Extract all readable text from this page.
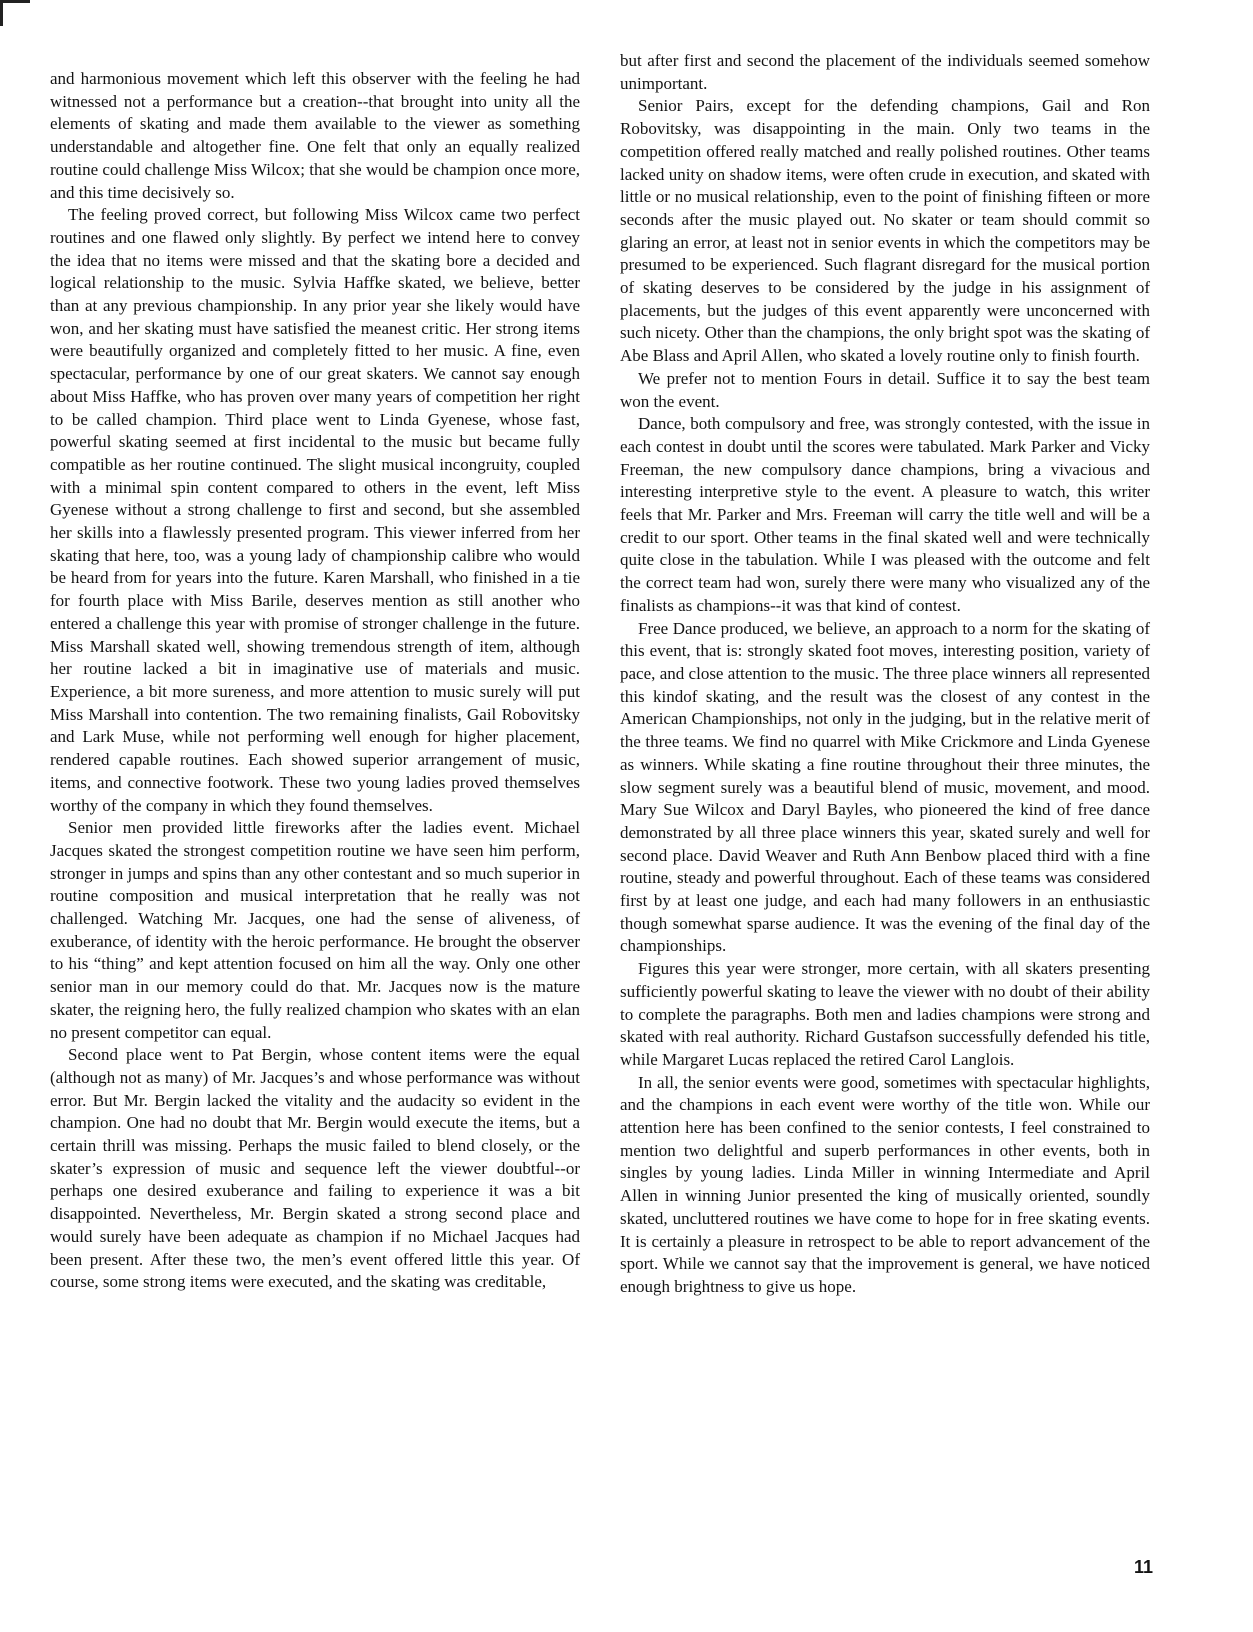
and harmonious movement which left this observer with the feeling he had witnessed not a performance but a creation--that brought into unity all the elements of skating and made them available to the viewer as something understandable and altogether fine. One felt that only an equally realized routine could challenge Miss Wilcox; that she would be champion once more, and this time decisively so.

The feeling proved correct, but following Miss Wilcox came two perfect routines and one flawed only slightly. By perfect we intend here to convey the idea that no items were missed and that the skating bore a decided and logical relationship to the music. Sylvia Haffke skated, we believe, better than at any previous championship. In any prior year she likely would have won, and her skating must have satisfied the meanest critic. Her strong items were beautifully organized and completely fitted to her music. A fine, even spectacular, performance by one of our great skaters. We cannot say enough about Miss Haffke, who has proven over many years of competition her right to be called champion. Third place went to Linda Gyenese, whose fast, powerful skating seemed at first incidental to the music but became fully compatible as her routine continued. The slight musical incongruity, coupled with a minimal spin content compared to others in the event, left Miss Gyenese without a strong challenge to first and second, but she assembled her skills into a flawlessly presented program. This viewer inferred from her skating that here, too, was a young lady of championship calibre who would be heard from for years into the future. Karen Marshall, who finished in a tie for fourth place with Miss Barile, deserves mention as still another who entered a challenge this year with promise of stronger challenge in the future. Miss Marshall skated well, showing tremendous strength of item, although her routine lacked a bit in imaginative use of materials and music. Experience, a bit more sureness, and more attention to music surely will put Miss Marshall into contention. The two remaining finalists, Gail Robovitsky and Lark Muse, while not performing well enough for higher placement, rendered capable routines. Each showed superior arrangement of music, items, and connective footwork. These two young ladies proved themselves worthy of the company in which they found themselves.

Senior men provided little fireworks after the ladies event. Michael Jacques skated the strongest competition routine we have seen him perform, stronger in jumps and spins than any other contestant and so much superior in routine composition and musical interpretation that he really was not challenged. Watching Mr. Jacques, one had the sense of aliveness, of exuberance, of identity with the heroic performance. He brought the observer to his “thing” and kept attention focused on him all the way. Only one other senior man in our memory could do that. Mr. Jacques now is the mature skater, the reigning hero, the fully realized champion who skates with an elan no present competitor can equal.

Second place went to Pat Bergin, whose content items were the equal (although not as many) of Mr. Jacques’s and whose performance was without error. But Mr. Bergin lacked the vitality and the audacity so evident in the champion. One had no doubt that Mr. Bergin would execute the items, but a certain thrill was missing. Perhaps the music failed to blend closely, or the skater’s expression of music and sequence left the viewer doubtful--or perhaps one desired exuberance and failing to experience it was a bit disappointed. Nevertheless, Mr. Bergin skated a strong second place and would surely have been adequate as champion if no Michael Jacques had been present. After these two, the men’s event offered little this year. Of course, some strong items were executed, and the skating was creditable,

but after first and second the placement of the individuals seemed somehow unimportant.

Senior Pairs, except for the defending champions, Gail and Ron Robovitsky, was disappointing in the main. Only two teams in the competition offered really matched and really polished routines. Other teams lacked unity on shadow items, were often crude in execution, and skated with little or no musical relationship, even to the point of finishing fifteen or more seconds after the music played out. No skater or team should commit so glaring an error, at least not in senior events in which the competitors may be presumed to be experienced. Such flagrant disregard for the musical portion of skating deserves to be considered by the judge in his assignment of placements, but the judges of this event apparently were unconcerned with such nicety. Other than the champions, the only bright spot was the skating of Abe Blass and April Allen, who skated a lovely routine only to finish fourth.

We prefer not to mention Fours in detail. Suffice it to say the best team won the event.

Dance, both compulsory and free, was strongly contested, with the issue in each contest in doubt until the scores were tabulated. Mark Parker and Vicky Freeman, the new compulsory dance champions, bring a vivacious and interesting interpretive style to the event. A pleasure to watch, this writer feels that Mr. Parker and Mrs. Freeman will carry the title well and will be a credit to our sport. Other teams in the final skated well and were technically quite close in the tabulation. While I was pleased with the outcome and felt the correct team had won, surely there were many who visualized any of the finalists as champions--it was that kind of contest.

Free Dance produced, we believe, an approach to a norm for the skating of this event, that is: strongly skated foot moves, interesting position, variety of pace, and close attention to the music. The three place winners all represented this kindof skating, and the result was the closest of any contest in the American Championships, not only in the judging, but in the relative merit of the three teams. We find no quarrel with Mike Crickmore and Linda Gyenese as winners. While skating a fine routine throughout their three minutes, the slow segment surely was a beautiful blend of music, movement, and mood. Mary Sue Wilcox and Daryl Bayles, who pioneered the kind of free dance demonstrated by all three place winners this year, skated surely and well for second place. David Weaver and Ruth Ann Benbow placed third with a fine routine, steady and powerful throughout. Each of these teams was considered first by at least one judge, and each had many followers in an enthusiastic though somewhat sparse audience. It was the evening of the final day of the championships.

Figures this year were stronger, more certain, with all skaters presenting sufficiently powerful skating to leave the viewer with no doubt of their ability to complete the paragraphs. Both men and ladies champions were strong and skated with real authority. Richard Gustafson successfully defended his title, while Margaret Lucas replaced the retired Carol Langlois.

In all, the senior events were good, sometimes with spectacular highlights, and the champions in each event were worthy of the title won. While our attention here has been confined to the senior contests, I feel constrained to mention two delightful and superb performances in other events, both in singles by young ladies. Linda Miller in winning Intermediate and April Allen in winning Junior presented the king of musically oriented, soundly skated, uncluttered routines we have come to hope for in free skating events. It is certainly a pleasure in retrospect to be able to report advancement of the sport. While we cannot say that the improvement is general, we have noticed enough brightness to give us hope.

11
